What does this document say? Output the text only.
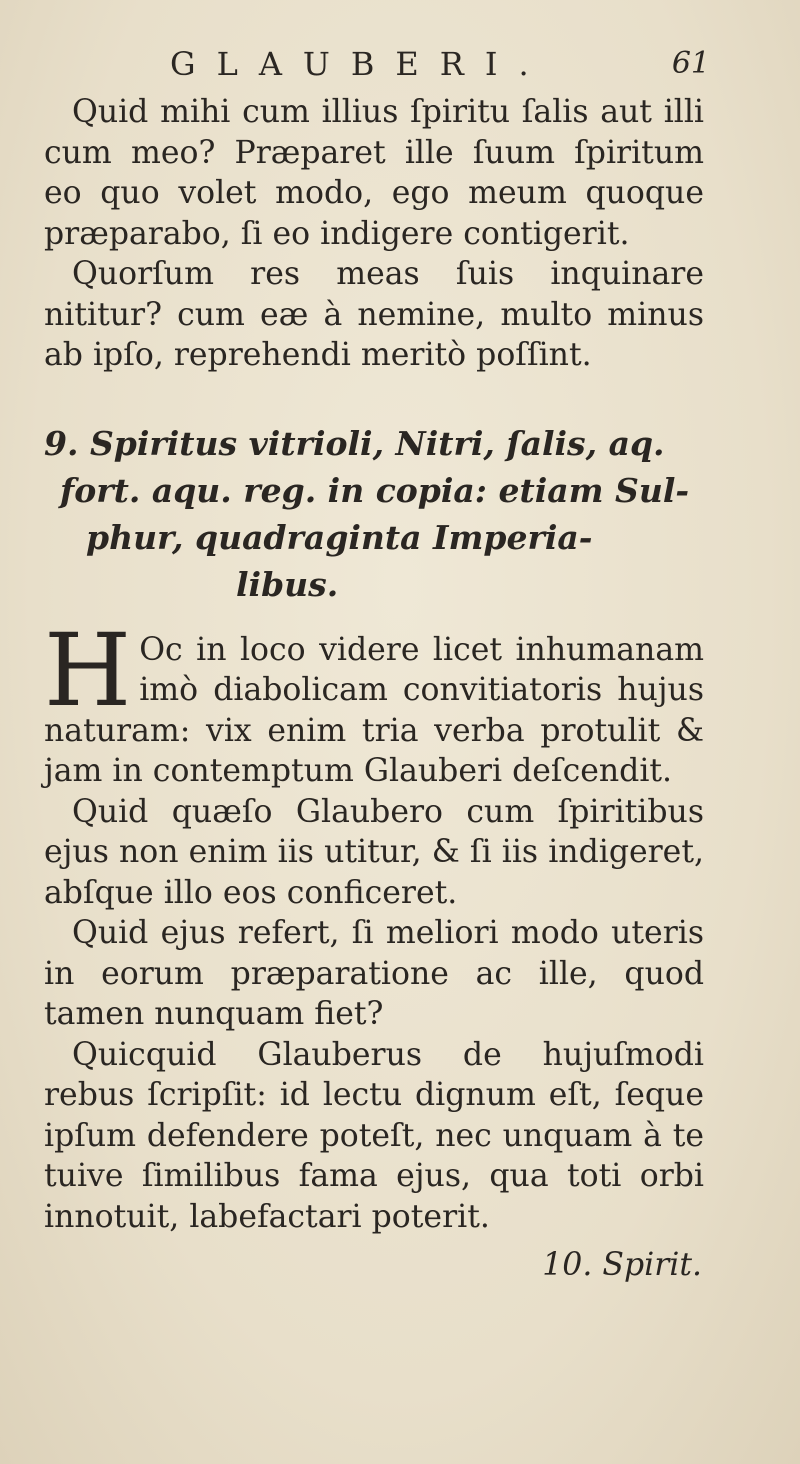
GLAUBERI.	61

Quid mihi cum illius ſpiritu ſalis aut illi cum meo? Præparet ille ſuum ſpiritum eo quo volet modo, ego meum quoque præparabo, ſi eo indigere contigerit.

Quorſum res meas ſuis inquinare nititur? cum eæ à nemine, multo minus ab ipſo, reprehendi meritò poſſint.

9. Spiritus vitrioli, Nitri, ſalis, aq.
fort. aqu. reg. in copia: etiam Sul-
phur, quadraginta Imperia-
libus.

H Oc in loco videre licet inhumanam imò diabolicam convitiatoris hujus naturam: vix enim tria verba protulit & jam in contemptum Glauberi deſcendit.

Quid quæſo Glaubero cum ſpiritibus ejus non enim iis utitur, & ſi iis indigeret, abſque illo eos conficeret.

Quid ejus refert, ſi meliori modo uteris in eorum præparatione ac ille, quod tamen nunquam fiet?

Quicquid Glauberus de hujuſmodi rebus ſcripſit: id lectu dignum eſt, ſeque ipſum defendere poteſt, nec unquam à te tuive ſimilibus fama ejus, qua toti orbi innotuit, labefactari poterit.

10. Spirit.
